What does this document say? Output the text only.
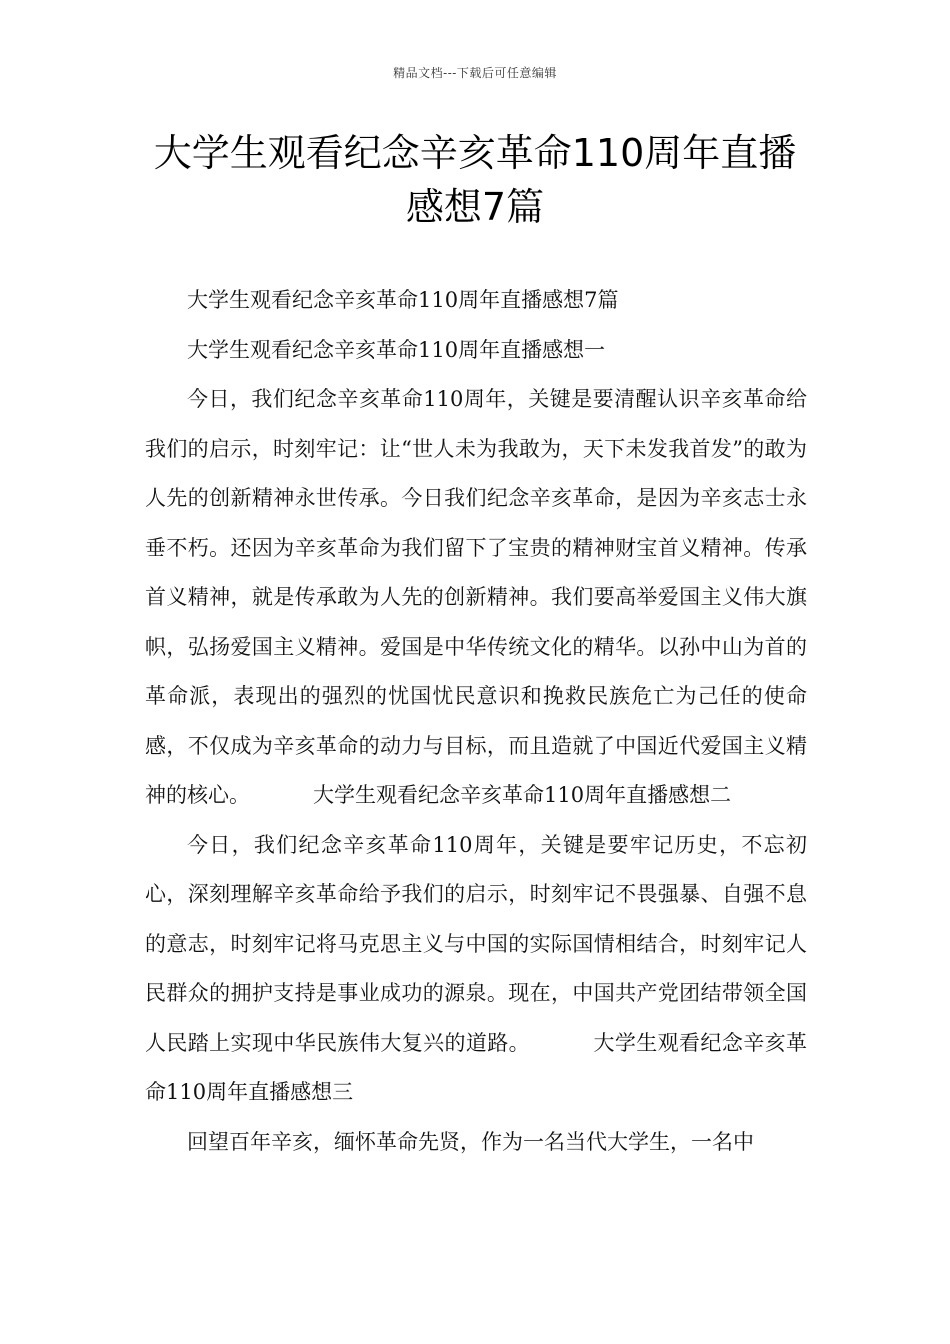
精品文档---下载后可任意编辑
大学生观看纪念辛亥革命110周年直播
感想7篇

大学生观看纪念辛亥革命110周年直播感想7篇

大学生观看纪念辛亥革命110周年直播感想一

今日，我们纪念辛亥革命110周年，关键是要清醒认识辛亥革命给我们的启示，时刻牢记：让“世人未为我敢为，天下未发我首发”的敢为人先的创新精神永世传承。今日我们纪念辛亥革命，是因为辛亥志士永垂不朽。还因为辛亥革命为我们留下了宝贵的精神财宝首义精神。传承首义精神，就是传承敢为人先的创新精神。我们要高举爱国主义伟大旗帜，弘扬爱国主义精神。爱国是中华传统文化的精华。以孙中山为首的革命派，表现出的强烈的忧国忧民意识和挽救民族危亡为己任的使命感，不仅成为辛亥革命的动力与目标，而且造就了中国近代爱国主义精神的核心。	大学生观看纪念辛亥革命110周年直播感想二

今日，我们纪念辛亥革命110周年，关键是要牢记历史，不忘初心，深刻理解辛亥革命给予我们的启示，时刻牢记不畏强暴、自强不息的意志，时刻牢记将马克思主义与中国的实际国情相结合，时刻牢记人民群众的拥护支持是事业成功的源泉。现在，中国共产党团结带领全国人民踏上实现中华民族伟大复兴的道路。	大学生观看纪念辛亥革命110周年直播感想三

回望百年辛亥，缅怀革命先贤，作为一名当代大学生，一名中
